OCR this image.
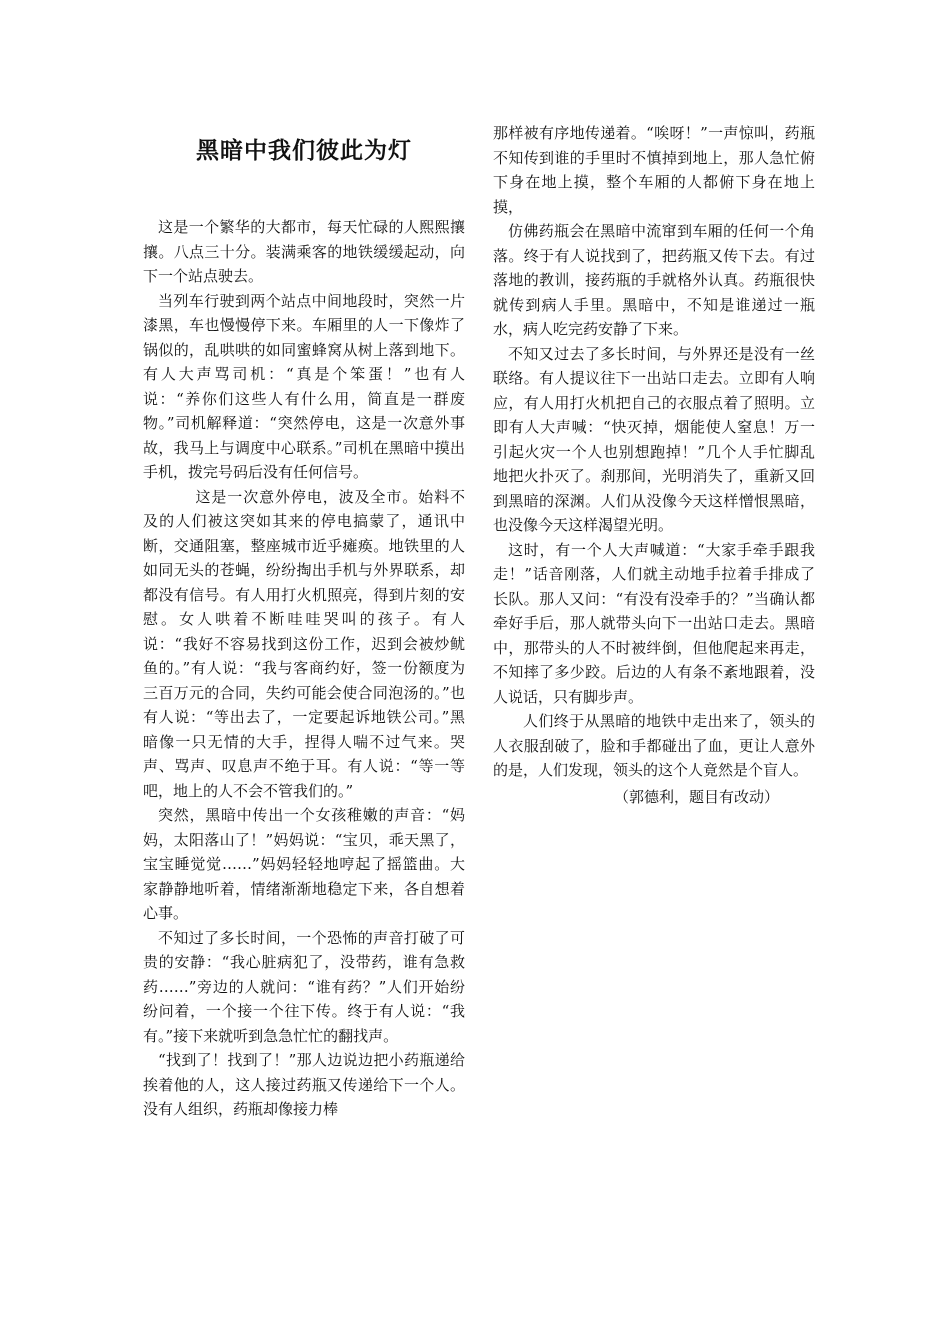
黑暗中我们彼此为灯

这是一个繁华的大都市，每天忙碌的人熙熙攘攘。八点三十分。装满乘客的地铁缓缓起动，向下一个站点驶去。

当列车行驶到两个站点中间地段时，突然一片漆黑，车也慢慢停下来。车厢里的人一下像炸了锅似的，乱哄哄的如同蜜蜂窝从树上落到地下。有人大声骂司机：“真是个笨蛋！”也有人说：“养你们这些人有什么用，简直是一群废物。”司机解释道：“突然停电，这是一次意外事故，我马上与调度中心联系。”司机在黑暗中摸出手机，拨完号码后没有任何信号。

这是一次意外停电，波及全市。始料不及的人们被这突如其来的停电搞蒙了，通讯中断，交通阻塞，整座城市近乎瘫痪。地铁里的人如同无头的苍蝇，纷纷掏出手机与外界联系，却都没有信号。有人用打火机照亮，得到片刻的安慰。女人哄着不断哇哇哭叫的孩子。有人说：“我好不容易找到这份工作，迟到会被炒鱿鱼的。”有人说：“我与客商约好，签一份额度为三百万元的合同，失约可能会使合同泡汤的。”也有人说：“等出去了，一定要起诉地铁公司。”黑暗像一只无情的大手，捏得人喘不过气来。哭声、骂声、叹息声不绝于耳。有人说：“等一等吧，地上的人不会不管我们的。”

突然，黑暗中传出一个女孩稚嫩的声音：“妈妈，太阳落山了！”妈妈说：“宝贝，乖天黑了，宝宝睡觉觉……”妈妈轻轻地哼起了摇篮曲。大家静静地听着，情绪渐渐地稳定下来，各自想着心事。

不知过了多长时间，一个恐怖的声音打破了可贵的安静：“我心脏病犯了，没带药，谁有急救药……”旁边的人就问：“谁有药？”人们开始纷纷问着，一个接一个往下传。终于有人说：“我有。”接下来就听到急急忙忙的翻找声。

“找到了！找到了！”那人边说边把小药瓶递给挨着他的人，这人接过药瓶又传递给下一个人。没有人组织，药瓶却像接力棒

那样被有序地传递着。“唉呀！”一声惊叫，药瓶不知传到谁的手里时不慎掉到地上，那人急忙俯下身在地上摸，整个车厢的人都俯下身在地上摸，

仿佛药瓶会在黑暗中流窜到车厢的任何一个角落。终于有人说找到了，把药瓶又传下去。有过落地的教训，接药瓶的手就格外认真。药瓶很快就传到病人手里。黑暗中，不知是谁递过一瓶水，病人吃完药安静了下来。

不知又过去了多长时间，与外界还是没有一丝联络。有人提议往下一出站口走去。立即有人响应，有人用打火机把自己的衣服点着了照明。立即有人大声喊：“快灭掉，烟能使人窒息！万一引起火灾一个人也别想跑掉！”几个人手忙脚乱地把火扑灭了。刹那间，光明消失了，重新又回到黑暗的深渊。人们从没像今天这样憎恨黑暗，也没像今天这样渴望光明。

这时，有一个人大声喊道：“大家手牵手跟我走！”话音刚落，人们就主动地手拉着手排成了长队。那人又问：“有没有没牵手的？”当确认都牵好手后，那人就带头向下一出站口走去。黑暗中，那带头的人不时被绊倒，但他爬起来再走，不知摔了多少跤。后边的人有条不紊地跟着，没人说话，只有脚步声。

人们终于从黑暗的地铁中走出来了，领头的人衣服刮破了，脸和手都碰出了血，更让人意外的是，人们发现，领头的这个人竟然是个盲人。

（郭德利，题目有改动）
